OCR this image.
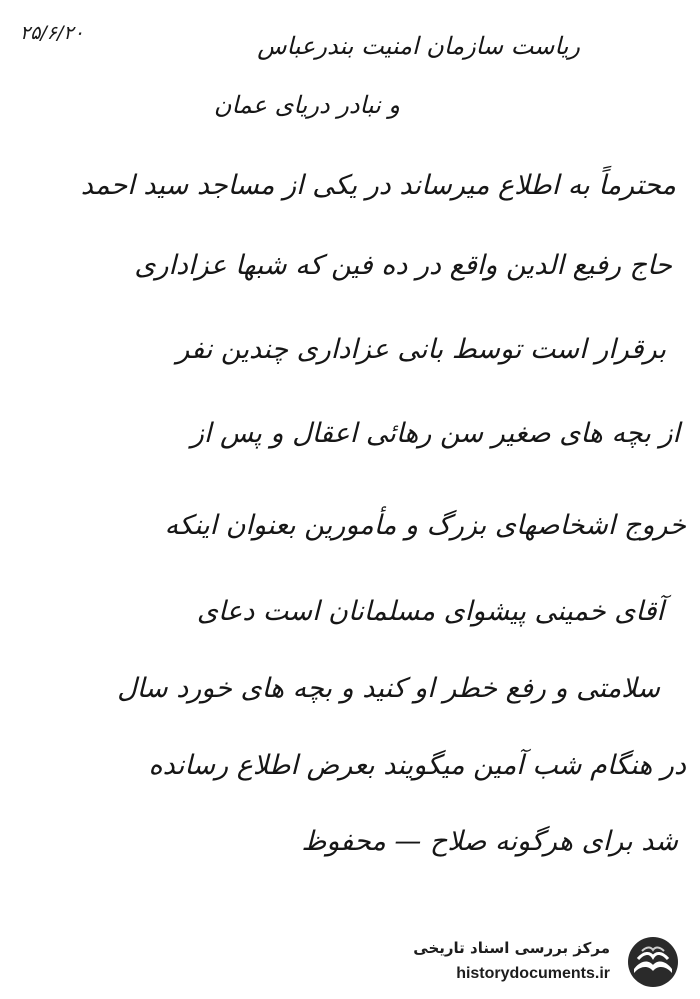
۲۵/۶/۲۰	ریاست سازمان امنیت بندرعباس
و نبادر دریای عمان
محترماً به اطلاع میرساند در یکی از مساجد سید احمد
حاج رفیع الدین واقع در ده فین که شبها عزاداری
برقرار است توسط بانی عزاداری چندین نفر
از بچه های صغیر سن رهائی اعقال و پس از
خروج اشخاصهای بزرگ و مأمورین بعنوان اینکه
آقای خمینی پیشوای مسلمانان است دعای
سلامتی و رفع خطر او کنید و بچه های خورد سال
در هنگام شب آمین میگویند بعرض اطلاع رسانده
شد برای هرگونه صلاح — محفوظ
مرکز بررسی اسناد تاریخی
historydocuments.ir
